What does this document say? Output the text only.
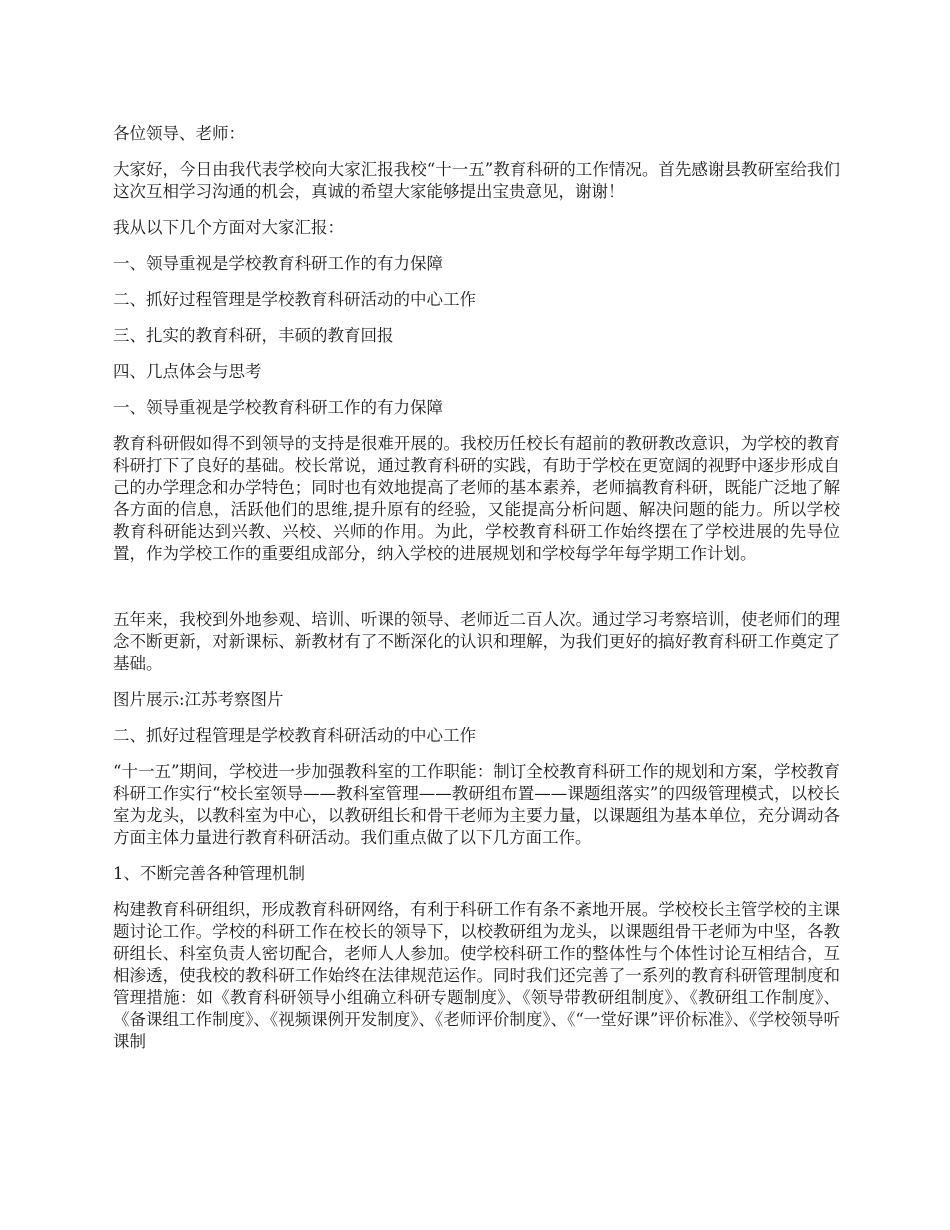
各位领导、老师：

大家好，今日由我代表学校向大家汇报我校“十一五”教育科研的工作情况。首先感谢县教研室给我们这次互相学习沟通的机会，真诚的希望大家能够提出宝贵意见，谢谢！

我从以下几个方面对大家汇报：

一、领导重视是学校教育科研工作的有力保障

二、抓好过程管理是学校教育科研活动的中心工作

三、扎实的教育科研，丰硕的教育回报

四、几点体会与思考

一、领导重视是学校教育科研工作的有力保障

教育科研假如得不到领导的支持是很难开展的。我校历任校长有超前的教研教改意识，为学校的教育科研打下了良好的基础。校长常说，通过教育科研的实践，有助于学校在更宽阔的视野中逐步形成自己的办学理念和办学特色；同时也有效地提高了老师的基本素养，老师搞教育科研，既能广泛地了解各方面的信息，活跃他们的思维,提升原有的经验，又能提高分析问题、解决问题的能力。所以学校教育科研能达到兴教、兴校、兴师的作用。为此，学校教育科研工作始终摆在了学校进展的先导位置，作为学校工作的重要组成部分，纳入学校的进展规划和学校每学年每学期工作计划。

五年来，我校到外地参观、培训、听课的领导、老师近二百人次。通过学习考察培训，使老师们的理念不断更新，对新课标、新教材有了不断深化的认识和理解，为我们更好的搞好教育科研工作奠定了基础。

图片展示:江苏考察图片

二、抓好过程管理是学校教育科研活动的中心工作

“十一五”期间，学校进一步加强教科室的工作职能：制订全校教育科研工作的规划和方案，学校教育科研工作实行“校长室领导——教科室管理——教研组布置——课题组落实”的四级管理模式，以校长室为龙头，以教科室为中心，以教研组长和骨干老师为主要力量，以课题组为基本单位，充分调动各方面主体力量进行教育科研活动。我们重点做了以下几方面工作。

1、不断完善各种管理机制

构建教育科研组织，形成教育科研网络，有利于科研工作有条不紊地开展。学校校长主管学校的主课题讨论工作。学校的科研工作在校长的领导下，以校教研组为龙头，以课题组骨干老师为中坚，各教研组长、科室负责人密切配合，老师人人参加。使学校科研工作的整体性与个体性讨论互相结合，互相渗透，使我校的教科研工作始终在法律规范运作。同时我们还完善了一系列的教育科研管理制度和管理措施：如《教育科研领导小组确立科研专题制度》、《领导带教研组制度》、《教研组工作制度》、《备课组工作制度》、《视频课例开发制度》、《老师评价制度》、《“一堂好课”评价标准》、《学校领导听课制
